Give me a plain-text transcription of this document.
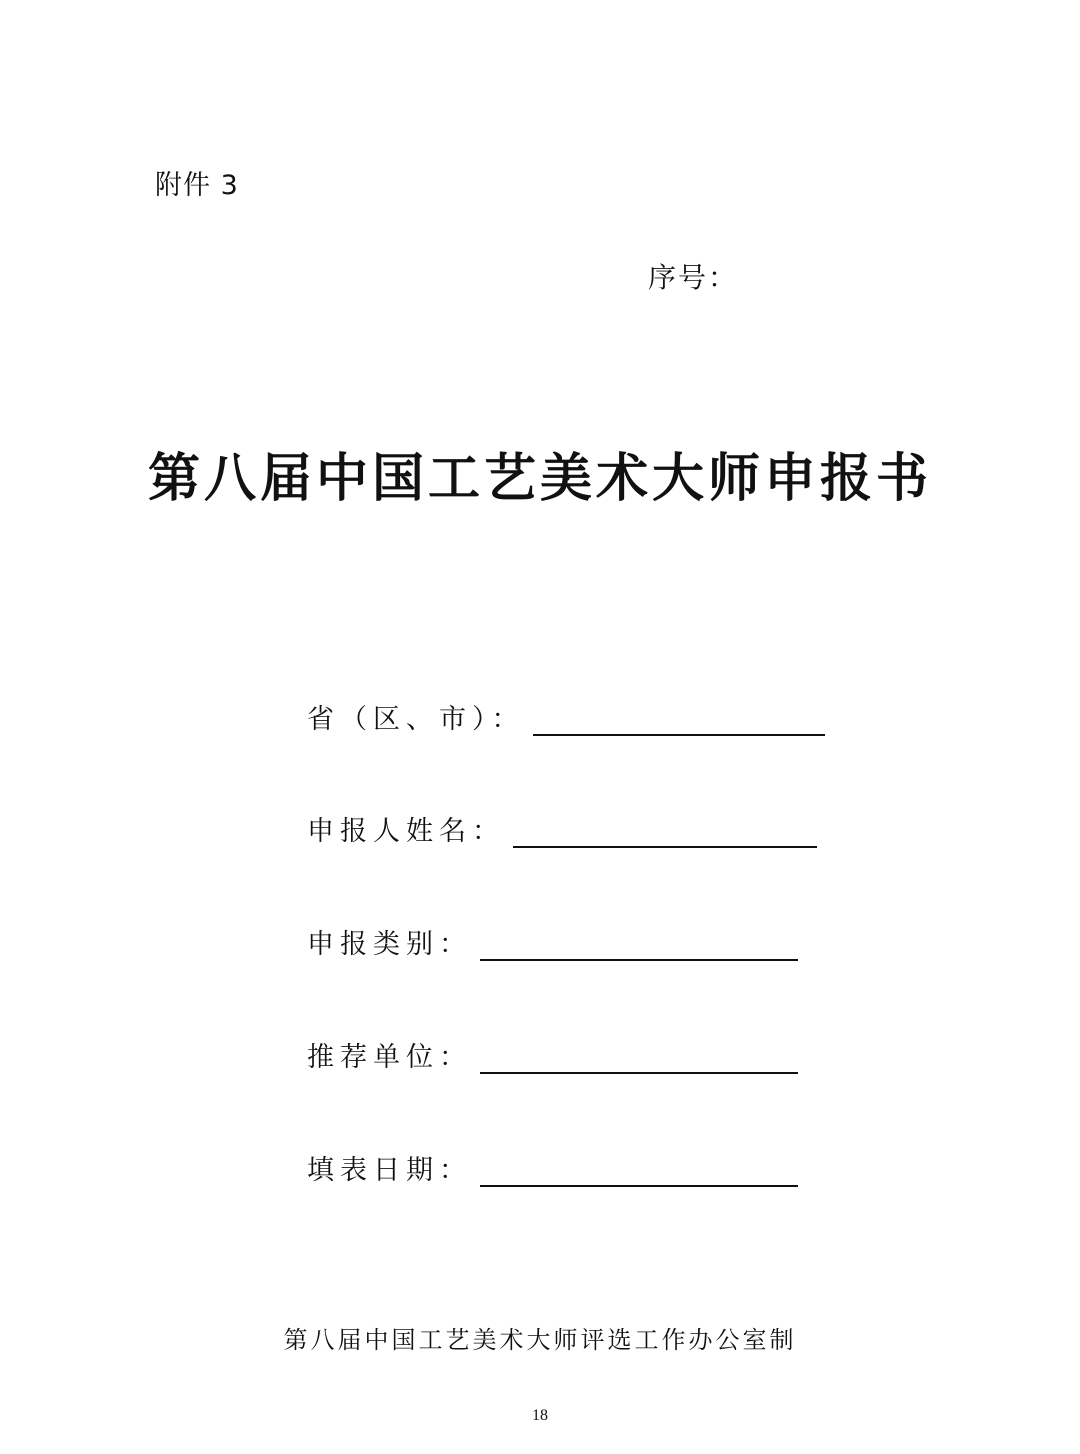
附件 3
序号：
第八届中国工艺美术大师申报书
省（区、市）：
申报人姓名：
申报类别：
推荐单位：
填表日期：
第八届中国工艺美术大师评选工作办公室制
18
